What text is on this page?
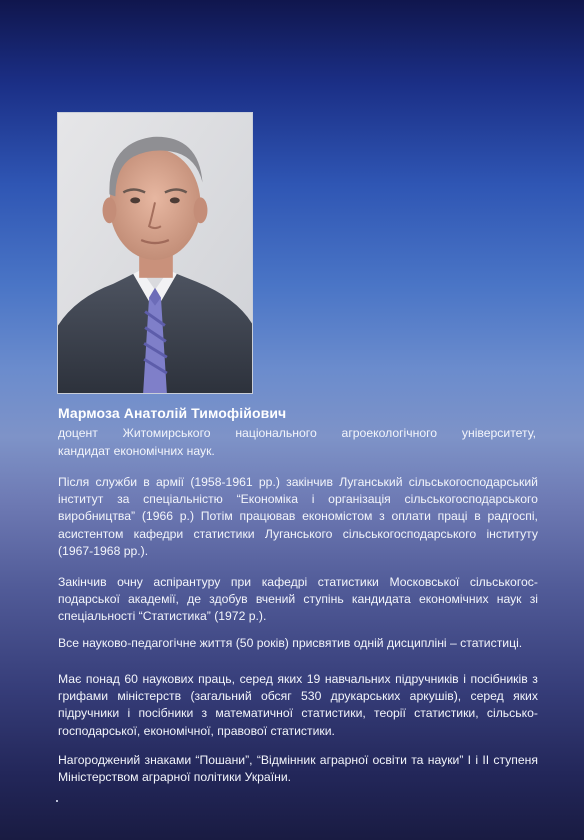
Мармоза Анатолій Тимофійович
доцент Житомирського національного агроекологічного університету,
кандидат економічних наук.
Після служби в армії (1958-1961 рр.) закінчив Луганський сільськогосподарський
інститут за спеціальністю “Економіка і організація сільськогосподарського
виробництва” (1966 р.) Потім працював економістом з оплати праці в радгоспі,
асистентом кафедри статистики Луганського сільськогосподарського інституту
(1967-1968 рр.).
Закінчив очну аспірантуру при кафедрі статистики Московської сільськогос-
подарської академії, де здобув вчений ступінь кандидата економічних наук зі
спеціальності “Статистика” (1972 р.).
Все науково-педагогічне життя (50 років) присвятив одній дисципліні – статистиці.
Має понад 60 наукових праць, серед яких 19 навчальних підручників і посібників з
грифами міністерств (загальний обсяг 530 друкарських аркушів), серед яких
підручники і посібники з математичної статистики, теорії статистики, сільсько-
господарської, економічної, правової статистики.
Нагороджений знаками “Пошани”, “Відмінник аграрної освіти та науки” І і ІІ ступеня
Міністерством аграрної політики України.
